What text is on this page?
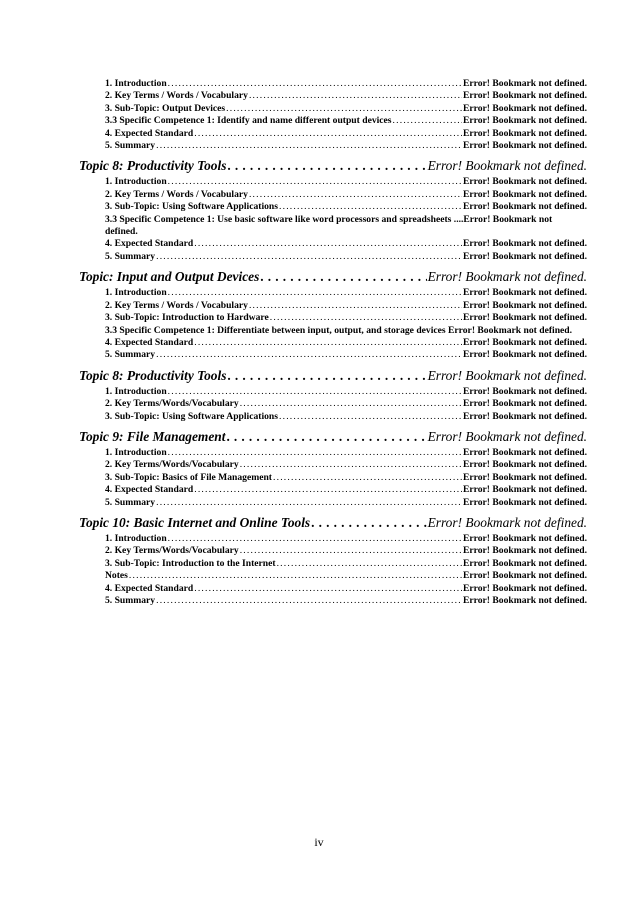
1. Introduction . . .	Error! Bookmark not defined.
2. Key Terms / Words / Vocabulary . . .	Error! Bookmark not defined.
3. Sub-Topic: Output Devices . . .	Error! Bookmark not defined.
3.3 Specific Competence 1: Identify and name different output devices . . .	Error! Bookmark not defined.
4. Expected Standard . . .	Error! Bookmark not defined.
5. Summary . . .	Error! Bookmark not defined.
Topic 8: Productivity Tools . . .	Error! Bookmark not defined.
1. Introduction . . .	Error! Bookmark not defined.
2. Key Terms / Words / Vocabulary . . .	Error! Bookmark not defined.
3. Sub-Topic: Using Software Applications . . .	Error! Bookmark not defined.
3.3 Specific Competence 1: Use basic software like word processors and spreadsheets ....Error! Bookmark not defined.
4. Expected Standard . . .	Error! Bookmark not defined.
5. Summary . . .	Error! Bookmark not defined.
Topic: Input and Output Devices . . .	Error! Bookmark not defined.
1. Introduction . . .	Error! Bookmark not defined.
2. Key Terms / Words / Vocabulary . . .	Error! Bookmark not defined.
3. Sub-Topic: Introduction to Hardware . . .	Error! Bookmark not defined.
3.3 Specific Competence 1: Differentiate between input, output, and storage devices Error! Bookmark not defined.
4. Expected Standard . . .	Error! Bookmark not defined.
5. Summary . . .	Error! Bookmark not defined.
Topic 8: Productivity Tools . . .	Error! Bookmark not defined.
1. Introduction . . .	Error! Bookmark not defined.
2. Key Terms/Words/Vocabulary . . .	Error! Bookmark not defined.
3. Sub-Topic: Using Software Applications . . .	Error! Bookmark not defined.
Topic 9: File Management . . .	Error! Bookmark not defined.
1. Introduction . . .	Error! Bookmark not defined.
2. Key Terms/Words/Vocabulary . . .	Error! Bookmark not defined.
3. Sub-Topic: Basics of File Management . . .	Error! Bookmark not defined.
4. Expected Standard . . .	Error! Bookmark not defined.
5. Summary . . .	Error! Bookmark not defined.
Topic 10: Basic Internet and Online Tools . . .	Error! Bookmark not defined.
1. Introduction . . .	Error! Bookmark not defined.
2. Key Terms/Words/Vocabulary . . .	Error! Bookmark not defined.
3. Sub-Topic: Introduction to the Internet . . .	Error! Bookmark not defined.
Notes . . .	Error! Bookmark not defined.
4. Expected Standard . . .	Error! Bookmark not defined.
5. Summary . . .	Error! Bookmark not defined.
iv
